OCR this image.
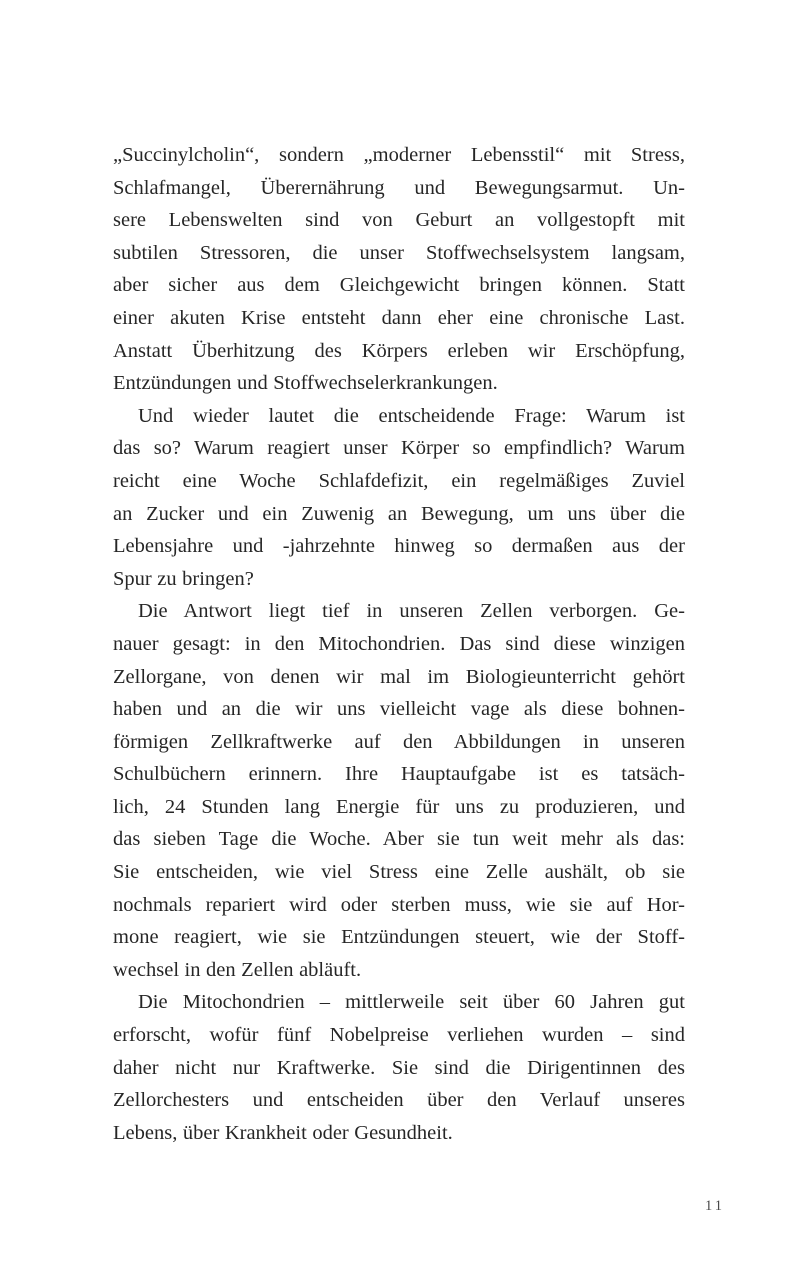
„Succinylcholin“, sondern „moderner Lebensstil“ mit Stress,
Schlafmangel, Überernährung und Bewegungsarmut. Un-
sere Lebenswelten sind von Geburt an vollgestopft mit
subtilen Stressoren, die unser Stoffwechselsystem langsam,
aber sicher aus dem Gleichgewicht bringen können. Statt
einer akuten Krise entsteht dann eher eine chronische Last.
Anstatt Überhitzung des Körpers erleben wir Erschöpfung,
Entzündungen und Stoffwechselerkrankungen.
Und wieder lautet die entscheidende Frage: Warum ist
das so? Warum reagiert unser Körper so empfindlich? Warum
reicht eine Woche Schlafdefizit, ein regelmäßiges Zuviel
an Zucker und ein Zuwenig an Bewegung, um uns über die
Lebensjahre und -jahrzehnte hinweg so dermaßen aus der
Spur zu bringen?
Die Antwort liegt tief in unseren Zellen verborgen. Ge-
nauer gesagt: in den Mitochondrien. Das sind diese winzigen
Zellorgane, von denen wir mal im Biologieunterricht gehört
haben und an die wir uns vielleicht vage als diese bohnen-
förmigen Zellkraftwerke auf den Abbildungen in unseren
Schulbüchern erinnern. Ihre Hauptaufgabe ist es tatsäch-
lich, 24 Stunden lang Energie für uns zu produzieren, und
das sieben Tage die Woche. Aber sie tun weit mehr als das:
Sie entscheiden, wie viel Stress eine Zelle aushält, ob sie
nochmals repariert wird oder sterben muss, wie sie auf Hor-
mone reagiert, wie sie Entzündungen steuert, wie der Stoff-
wechsel in den Zellen abläuft.
Die Mitochondrien – mittlerweile seit über 60 Jahren gut
erforscht, wofür fünf Nobelpreise verliehen wurden – sind
daher nicht nur Kraftwerke. Sie sind die Dirigentinnen des
Zellorchesters und entscheiden über den Verlauf unseres
Lebens, über Krankheit oder Gesundheit.
11
